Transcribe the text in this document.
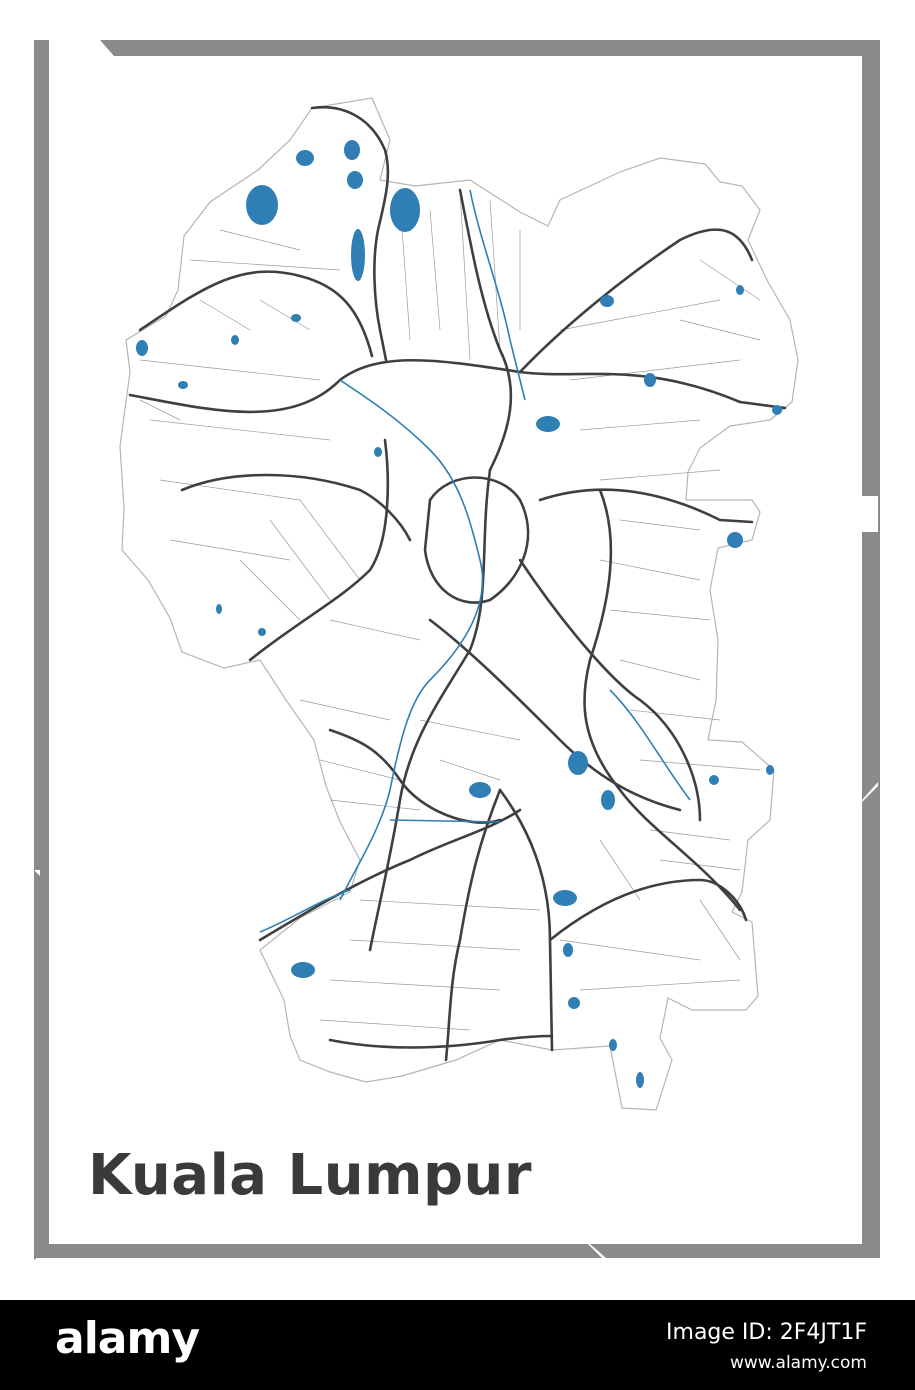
Kuala Lumpur
alamy	Image ID: 2F4JT1F
www.alamy.com
